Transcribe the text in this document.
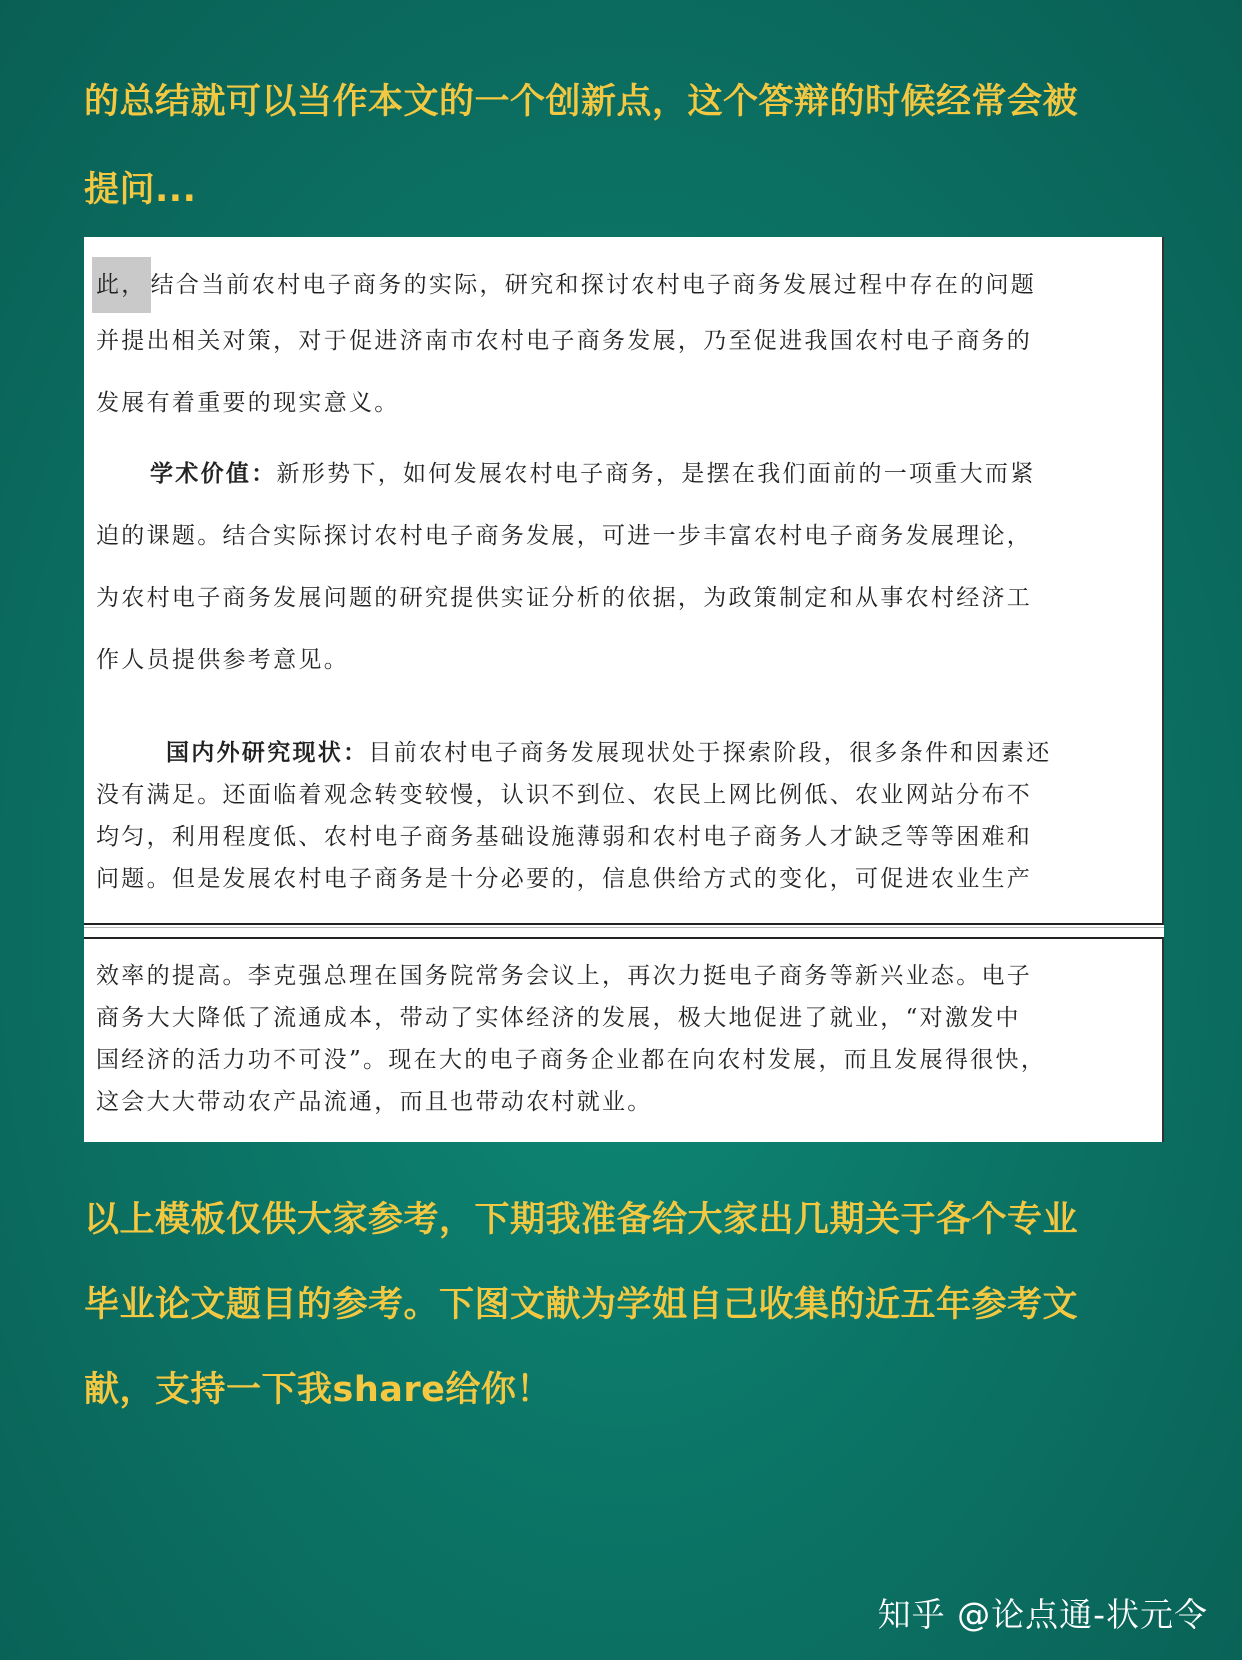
的总结就可以当作本文的一个创新点，这个答辩的时候经常会被

提问...

此， 结合当前农村电子商务的实际，研究和探讨农村电子商务发展过程中存在的问题
并提出相关对策，对于促进济南市农村电子商务发展，乃至促进我国农村电子商务的
发展有着重要的现实意义。
学术价值：新形势下，如何发展农村电子商务，是摆在我们面前的一项重大而紧
迫的课题。结合实际探讨农村电子商务发展，可进一步丰富农村电子商务发展理论，
为农村电子商务发展问题的研究提供实证分析的依据，为政策制定和从事农村经济工
作人员提供参考意见。
国内外研究现状：目前农村电子商务发展现状处于探索阶段，很多条件和因素还
没有满足。还面临着观念转变较慢，认识不到位、农民上网比例低、农业网站分布不
均匀，利用程度低、农村电子商务基础设施薄弱和农村电子商务人才缺乏等等困难和
问题。但是发展农村电子商务是十分必要的，信息供给方式的变化，可促进农业生产
效率的提高。李克强总理在国务院常务会议上，再次力挺电子商务等新兴业态。电子
商务大大降低了流通成本，带动了实体经济的发展，极大地促进了就业，“对激发中
国经济的活力功不可没”。现在大的电子商务企业都在向农村发展，而且发展得很快，
这会大大带动农产品流通，而且也带动农村就业。

以上模板仅供大家参考，下期我准备给大家出几期关于各个专业

毕业论文题目的参考。下图文献为学姐自己收集的近五年参考文

献，支持一下我share给你！

知乎 @论点通-状元令
